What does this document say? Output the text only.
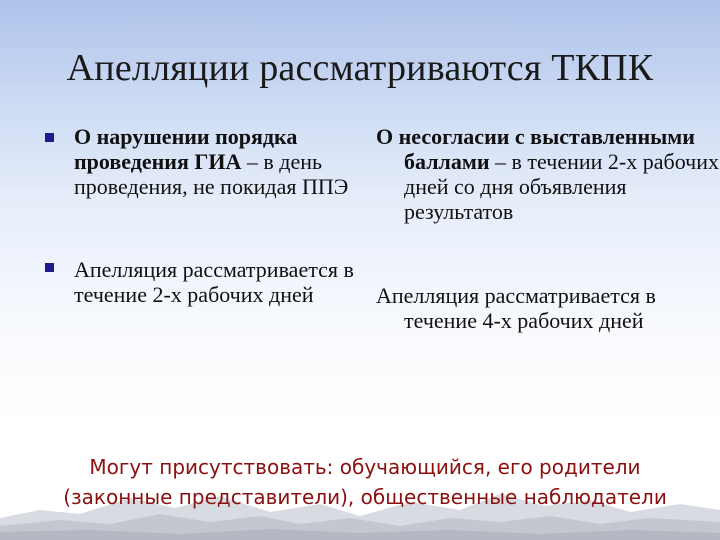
Апелляции рассматриваются ТКПК
О нарушении порядка проведения ГИА – в день проведения, не покидая ППЭ
Апелляция рассматривается в течение 2-х рабочих дней
О несогласии с выставленными баллами – в течении 2-х рабочих дней со дня объявления результатов
Апелляция рассматривается в течение 4-х рабочих дней
Могут присутствовать: обучающийся, его родители
(законные представители), общественные наблюдатели
